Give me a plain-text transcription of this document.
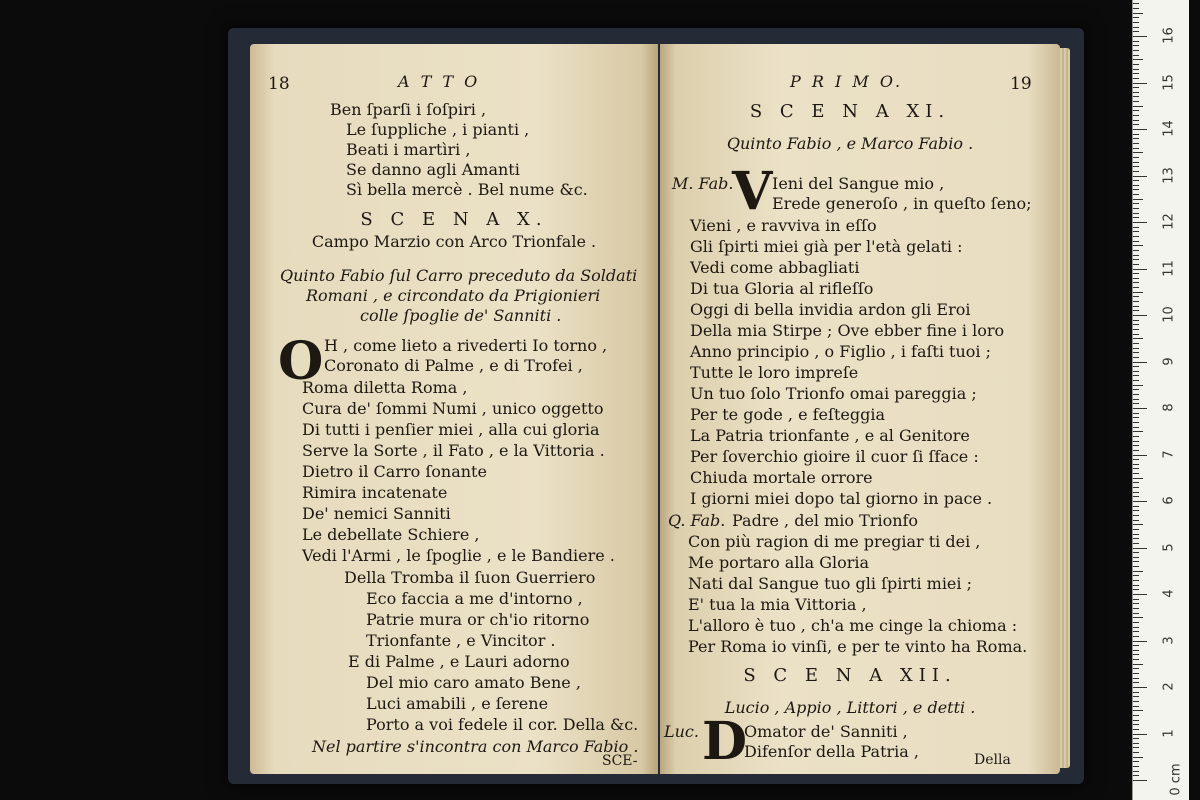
18	A T T O
Ben ſparſi i ſoſpiri ,
Le ſuppliche , i pianti ,
Beati i martìri ,
Se danno agli Amanti
Sì bella mercè . Bel nume &c.
S C E N A X.
Campo Marzio con Arco Trionfale .
Quinto Fabio ſul Carro preceduto da Soldati
Romani , e circondato da Prigionieri
colle ſpoglie de' Sanniti .
O H , come lieto a rivederti Io torno ,
Coronato di Palme , e di Trofei ,
Roma diletta Roma ,
Cura de' ſommi Numi , unico oggetto
Di tutti i penſier miei , alla cui gloria
Serve la Sorte , il Fato , e la Vittoria .
Dietro il Carro ſonante
Rimira incatenate
De' nemici Sanniti
Le debellate Schiere ,
Vedi l'Armi , le ſpoglie , e le Bandiere .
Della Tromba il ſuon Guerriero
Eco faccia a me d'intorno ,
Patrie mura or ch'io ritorno
Trionfante , e Vincitor .
E di Palme , e Lauri adorno
Del mio caro amato Bene ,
Luci amabili , e ſerene
Porto a voi fedele il cor. Della &c.
Nel partire s'incontra con Marco Fabio .
SCE-
P R I M O.	19
S C E N A XI.
Quinto Fabio , e Marco Fabio .
M. Fab.
V Ieni del Sangue mio ,
Erede generoſo , in queſto ſeno;
Vieni , e ravviva in eſſo
Gli ſpirti miei già per l'età gelati :
Vedi come abbagliati
Di tua Gloria al rifleſſo
Oggi di bella invidia ardon gli Eroi
Della mia Stirpe ; Ove ebber fine i loro
Anno principio , o Figlio , i faſti tuoi ;
Tutte le loro impreſe
Un tuo ſolo Trionfo omai pareggia ;
Per te gode , e feſteggia
La Patria trionfante , e al Genitore
Per ſoverchio gioire il cuor ſi ſface :
Chiuda mortale orrore
I giorni miei dopo tal giorno in pace .
Q. Fab. Padre , del mio Trionfo
Con più ragion di me pregiar ti dei ,
Me portaro alla Gloria
Nati dal Sangue tuo gli ſpirti miei ;
E' tua la mia Vittoria ,
L'alloro è tuo , ch'a me cinge la chioma :
Per Roma io vinſi, e per te vinto ha Roma.
S C E N A XII.
Lucio , Appio , Littori , e detti .
Luc. D
Omator de' Sanniti ,
Difenſor della Patria ,	Della
0 cm
1
2
3
4
5
6
7
8
9
10
11
12
13
14
15
16
